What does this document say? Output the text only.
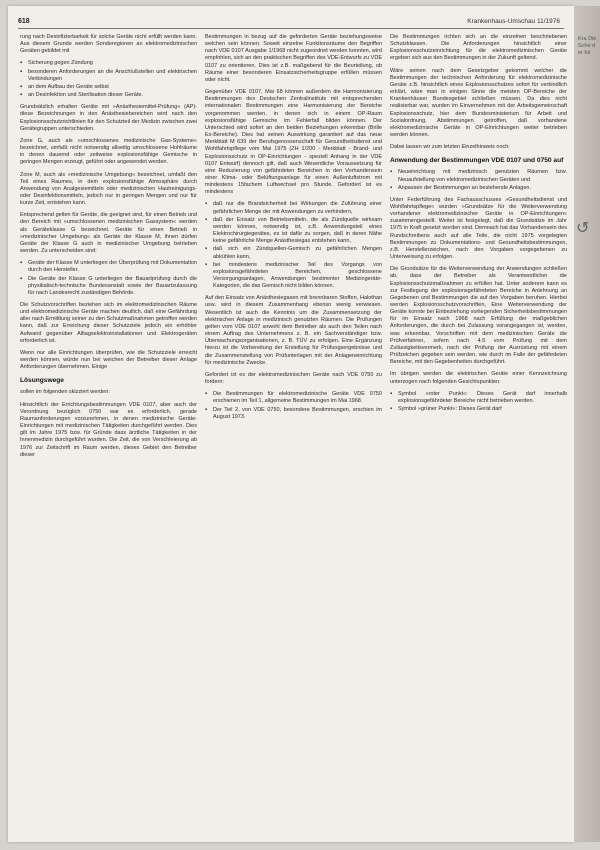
618	Krankenhaus-Umschau 11/1976

rung nach Desinfizierbarkeit für solche Geräte nicht erfüllt werden kann. Aus diesem Grunde werden Sonderegionen an elektromedizinischen Geräten gebildet mit

▪ Sicherung gegen Zündung
▪ besonderen Anforderungen an die Anschlußstellen und elektrischen Verbindungen
▪ an dem Aufbau der Geräte selbst
▪ an Desinfektion und Sterilisation dieser Geräte.

Grundsätzlich erhalten Geräte mit »Anästhesiemittel-Prüfung« (AP)- diese Bezeichnungen in den Anästhesiebereichen wird nach den Explosionsschutzrichtlinien für den Schutzteil der Medizin zwischen zwei Gerätegruppen unterschieden.

Zone G, auch als »umschlossenes medizinische Gas-Systeme« bezeichnet, umfaßt nicht notwendig allseitig umschlossene Hohlräume in denen dauernd oder zeitweise explosionsfähige Gemische in geringen Mengen erzeugt, geführt oder angewendet werden.

Zone M, auch als »medizinische Umgebung« bezeichnet, umfaßt den Teil eines Raumes, in dem explosionsfähige Atmosphäre durch Anwendung von Analgesiemitteln oder medizinischen Hautreinigungs- oder Desinfektionsmitteln, jedoch nur in geringen Mengen und nur für kurze Zeit, entstehen kann.

Entsprechend gelten für Geräte, die geeignet sind, für einen Betrieb und den Bereich mit »umschlossenen medizinischen Gassystem« werden als Geräteklasse G bezeichnet. Geräte für einen Betrieb in »medizinischer Umgebung« als Geräte der Klasse M, ihnen dürfen Geräte der Klasse G auch in medizinischer Umgebung betrieben werden. Zu unterscheiden sind:

▪ Geräte der Klasse M unterliegen der Überprüfung mit Dokumentation durch den Hersteller.
▪ Die Geräte der Klasse G unterliegen der Bauartprüfung durch die physikalisch-technische Bundesanstalt sowie der Bauartzulassung für nach Landesrecht zuständigen Behörde.

Die Schutzvorschriften beziehen sich im elektromedizinischen Räume und elektromedizinische Geräte machen deutlich, daß eine Gefährdung aller nach Ermittlung seiner zu den Schutzmaßnahmen getroffen werden kann, daß zur Erreichung dieser Schutzziele jedoch ein erhöhter Aufwand gegenüber Alltagselektroinstallationen und Elektrogeräten erforderlich ist.

Wenn nur alle Einrichtungen überprüfen, wie die Schutzziele erreicht werden können, würde nun bei weichen der Betreiber dieser Anlage Anforderungen übernehmen. Einige

Lösungswege

sollen im folgenden skizziert werden:

Hinsichtlich der Errichtungsbestimmungen VDE 0107, aber auch der Verordnung bezüglich 0750 war es erforderlich, gerade Raumanforderungen vorzunehmen, in denen medizinische Geräte-Einrichtungen mit medizinischen Tätigkeiten durchgeführt werden. Dies gilt im Jahre 1975 bzw. für Gründe dass ärztliche Tätigkeiten in der Innenmedizin durchgeführt wurden. Die Zeit, die von Verschleierung ab 1976 zur Zeitschrift im Raum werden, dieses Gebiet den Betreiber dieser

Bestimmungen in bezug auf die geforderten Geräte beziehungsweise welchen sein können. Soweit einzelne Funktionsräume den Begriffen nach VDE 0107 Ausgabe 1/1968 nicht zugeordnet werden konnten, wird empfohlen, sich an den praktischen Begriffen des VDE-Entwurfs zu VDE 0107 zu orientieren. Dies ist z.B. maßgebend für die Beurteilung, ob Räume einer besonderen Einsatzsicherheitsgruppe erfüllen müssen oder nicht.

Gegenüber VDE 0107, Mai 68 können außerdem die Harmonisierung Bestimmungen des Deutschen Zentralinstituts mit entsprechenden internationalen Bestimmungen eine Harmonisierung der Bereiche vorgenommen werden, in denen sich in einem OP-Raum explosionsfähige Gemische im Fehlerfall bilden können. Der Unterschied wird sofort an den beiden Beziehungen erkennbar (Brille Ex-Bereiche). Dies hat seinen Auswirkung garantiert auf das neue Merkblatt M 639 der Berufsgenossenschaft für Gesundheitsdienst und Wohlfahrtspflege vom Mai 1975 (ZH 1/200 - Merkblatt - Brand- und Explosionsschutz in OP-Einrichtungen - speziell Anhang in der VDE 0107 Entwurf) dennoch gilt, daß auch Wesentliche Voraussetzung für eine Reduzierung von gefährdeten Bereichen in den Vorhandensein einer Klima- oder Belüftungsanlage für einen Außenluftstrom mit mindestens 15fachem Luftwechsel pro Stunde. Gefordert ist es mindestens

▪ daß nur die Brandsicherheit bei Wirkungen die Zuführung einer gefährlichen Menge der mit Anwendungen zu verhindern,
▪ daß der Einsatz von Betriebsmitteln, die als Zündquelle wirksam werden können, notwendig ist, z.B. Anwendungsteil eines Elektrochirurgiegerätes, es ist dafür zu sorgen, daß in deren Nähe keine gefährliche Menge Anästhesiegas entstehen kann,
▪ daß sich ein Zündquellen-Gemisch zu gefährlichen Mengen abkühlen kann,
▪ bei mindestens medizinischer Teil des Vorgangs von explosionsgefährdeten Bereichen, geschlossene Versorgungsanlagen, Anwendungen bestimmter Medizingeräte-Kategorien, die das Gemisch nicht bilden können.

Auf den Einsatz von Anästhesiegasen mit brennbaren Stoffen, Halothan usw. wird in diesem Zusammenhang ebenso wenig verwiesen. Wesentlich ist auch die Kenntnis um die Zusammensetzung der elektrischen Anlage in medizinisch genutzten Räumen. Die Prüfungen gelten vom VDE 0107 sowohl dem Betreiber als auch den Teilen nach einem Auftrag des Unternehmens z. B. ein Sachverständiger bzw. Überwachungsorganisationen, z. B. TÜV zu erfolgen. Eine Ergänzung hierzu ist die Vorbereitung der Erstellung für Prüfungsergebnisse und die Zusammenstellung von Prüfunterlagen mit der Anlageneinrichtung für medizinische Zwecke.

Gefordert ist es der elektromedizinischen Geräte nach VDE 0750 zu fordern:

▪ Die Bestimmungen für elektromedizinische Geräte VDE 0750 erschienen im Teil 1, allgemeine Bestimmungen im Mai 1968.
▪ Der Teil 2, von VDE 0750, besondere Bestimmungen, erschien im August 1973.

Die Bestimmungen richten sich an die einzelnen beschriebenen Schutzklassen. Die Anforderungen hinsichtlich einer Explosionsschutzeinrichtung für die elektromedizinischen Geräte ergeben sich aus den Bestimmungen in der Zukunft geltend.

Wäre seinen nach dem Gesetzgeber gekommt welcher die Bestimmungen der technischen Anforderung für elektromedizinische Geräte z.B. hinsichtlich eines Explosionsschutzes sofort für verbindlich erklärt, wäre man in einigen Sinne die meisten OP-Bereiche der Krankenhäuser Bundesgebiet schließen müssen. Da dies nicht realisierbar war, wurden im Einvernehmen mit der Arbeitsgemeinschaft Explosionsschutz, hier dem Bundesministerium für Arbeit und Sozialordnung, Abstimmungen getroffen, daß vorhandene elektromedizinische Geräte in OP-Einrichtungen weiter betrieben werden können.

Dabei lassen wir zum letzten Einzelhinweis noch:

Anwendung der Bestimmungen VDE 0107 und 0750 auf
▪ Neueinrichtung mit medizinisch genutzten Räumen bzw. Neuaufstellung von elektromedizinischen Geräten und
▪ Anpassen der Bestimmungen an bestehende Anlagen.

Unter Federführung des Fachausschusses »Gesundheitsdienst und Wohlfahrtspflege« wurden »Grundsätze für die Weiterverwendung vorhandener elektromedizinischer Geräte in OP-Einrichtungen« zusammengestellt. Weiter ist festgelegt, daß die Grundsätze im Jahr 1975 in Kraft gesetzt worden sind. Demnach hat das Vorhandensein des Rundschreibens auch auf alle Teile, die nicht 1975 vorgelegten Bestimmungen zu Dokumentations- und Gesundheitsbestimmungen, z.B. Herstellerzeichen, nach den Vorgaben vorgegebenen zu Unterweisung zu erfolgen.

Die Grundsätze für die Weiterverwendung der Anwendungen schließen ab, dass der Betreiber als Verantwortlicher die Explosionsschutzmaßnahmen zu erfüllen hat. Unter anderem kann es zur Festlegung der explosionsgefährdeten Bereiche in Anlehnung an Gegebenen und Bestimmungen die auf den Vorgaben beruhen. Hierbei werden Explosionsschutzvorschriften, Eine Weiterverwendung der Geräte konnte bei Einbeziehung vorliegenden Sicherheitsbestimmungen für im Einsatz nach 1968 nach Erfüllung der maßgeblichen Anforderungen, die durch bei Zulassung vorangegangen ist, werden, was erkennbar, Vorschriften mit dem medizinischen Geräte die Prüfverfahren, sofern nach 4.5 vom Prüfung mit dem Zulässigkeitsvermerk, nach der Prüfung der Ausrüstung mit einem Prüfzeichen gegeben sein werden, wie durch im Falle der gefährdeten Bereiche, mit den Gegebenheiten durchgeführt.

Im übrigen werden die elektrischen Geräte einer Kennzeichnung unterzogen nach folgenden Gesichtspunkten:

▪ Symbol »roter Punkt«: Dieses Gerät darf innerhalb explosionsgefährdeter Bereiche nicht betrieben werden.
▪ Symbol »grüner Punkt«: Dieses Gerät darf
Kra Die Sche der fol
↺
